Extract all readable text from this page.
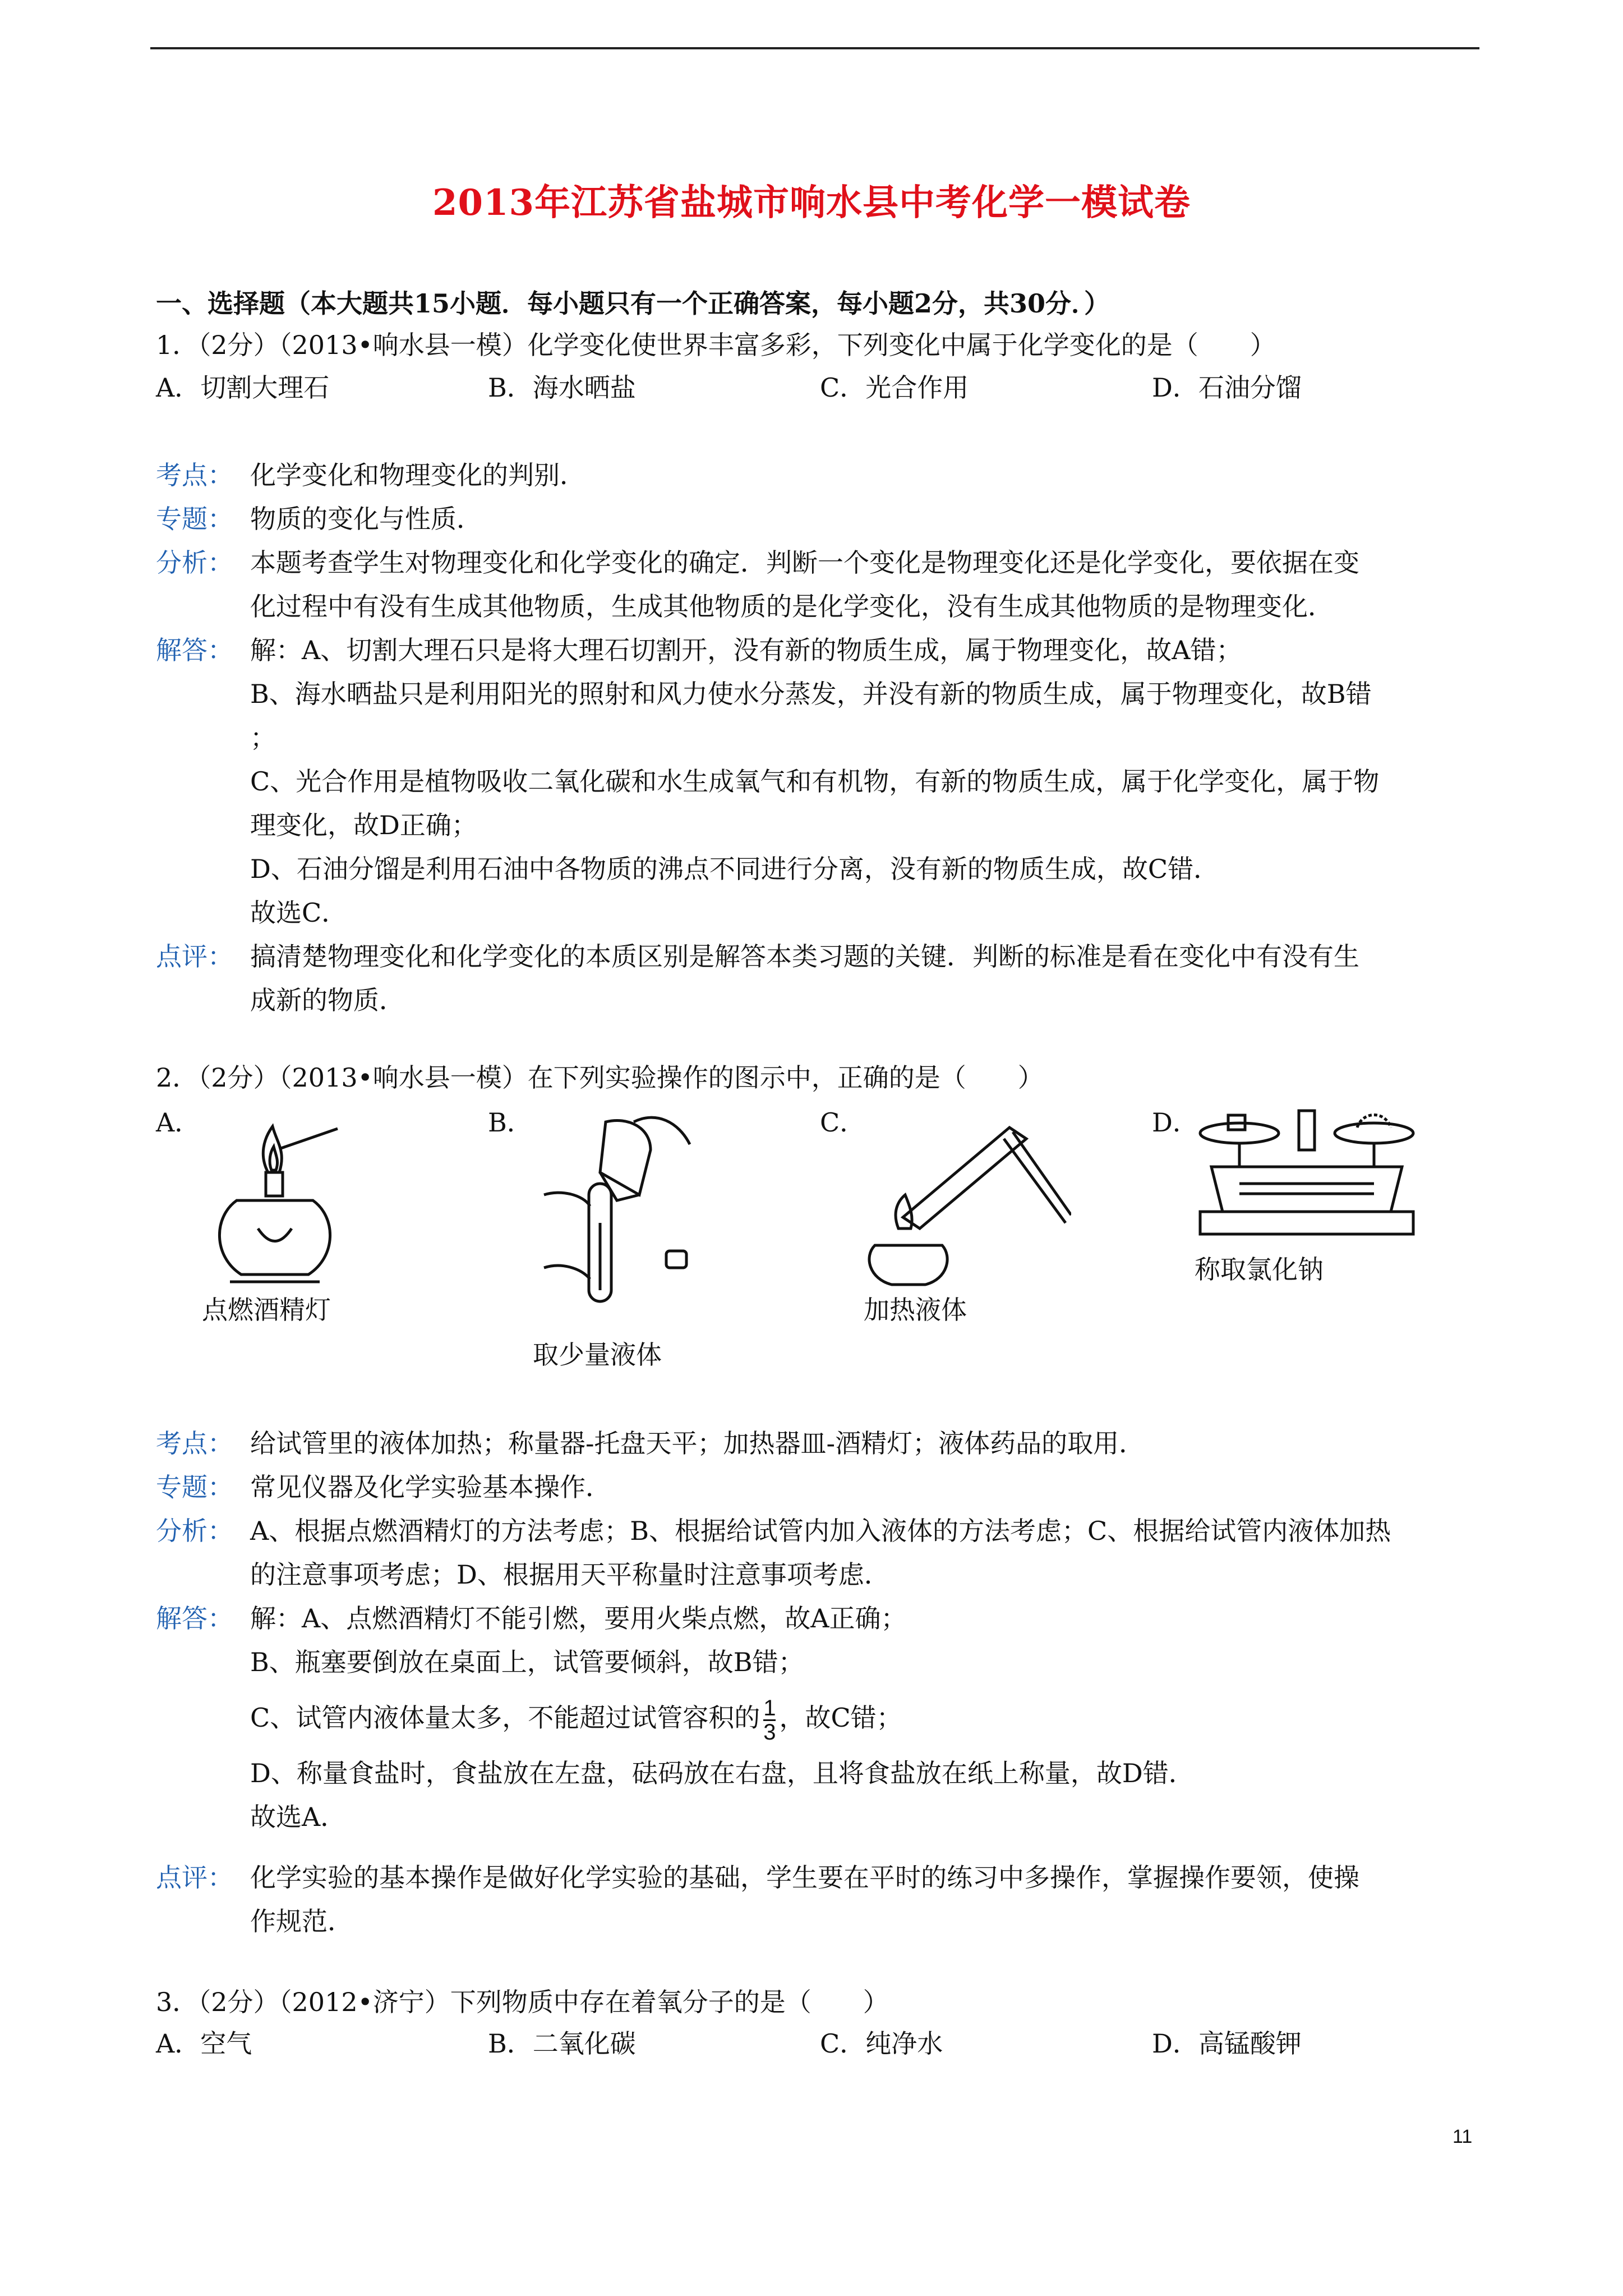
2013年江苏省盐城市响水县中考化学一模试卷
一、选择题（本大题共15小题．每小题只有一个正确答案，每小题2分，共30分．）
1．（2分）（2013•响水县一模）化学变化使世界丰富多彩，下列变化中属于化学变化的是（　　）
A．切割大理石	B．海水晒盐	C．光合作用	D．石油分馏
考点： 化学变化和物理变化的判别．
专题： 物质的变化与性质．
分析： 本题考查学生对物理变化和化学变化的确定．判断一个变化是物理变化还是化学变化，要依据在变
化过程中有没有生成其他物质，生成其他物质的是化学变化，没有生成其他物质的是物理变化．
解答： 解：A、切割大理石只是将大理石切割开，没有新的物质生成，属于物理变化，故A错；
B、海水晒盐只是利用阳光的照射和风力使水分蒸发，并没有新的物质生成，属于物理变化，故B错
；
C、光合作用是植物吸收二氧化碳和水生成氧气和有机物，有新的物质生成，属于化学变化，属于物
理变化，故D正确；
D、石油分馏是利用石油中各物质的沸点不同进行分离，没有新的物质生成，故C错．
故选C．
点评： 搞清楚物理变化和化学变化的本质区别是解答本类习题的关键．判断的标准是看在变化中有没有生
成新的物质．
2．（2分）（2013•响水县一模）在下列实验操作的图示中，正确的是（　　）
A．	B．	C．	D．
点燃酒精灯
取少量液体
加热液体
称取氯化钠
考点： 给试管里的液体加热；称量器-托盘天平；加热器皿-酒精灯；液体药品的取用．
专题： 常见仪器及化学实验基本操作．
分析： A、根据点燃酒精灯的方法考虑；B、根据给试管内加入液体的方法考虑；C、根据给试管内液体加热
的注意事项考虑；D、根据用天平称量时注意事项考虑．
解答： 解：A、点燃酒精灯不能引燃，要用火柴点燃，故A正确；
B、瓶塞要倒放在桌面上，试管要倾斜，故B错；
C、试管内液体量太多，不能超过试管容积的 $\frac{1}{3}$ ，故C错；
D、称量食盐时，食盐放在左盘，砝码放在右盘，且将食盐放在纸上称量，故D错．
故选A．
点评： 化学实验的基本操作是做好化学实验的基础，学生要在平时的练习中多操作，掌握操作要领，使操
作规范．
3．（2分）（2012•济宁）下列物质中存在着氧分子的是（　　）
A．空气	B．二氧化碳	C．纯净水	D．高锰酸钾
11
